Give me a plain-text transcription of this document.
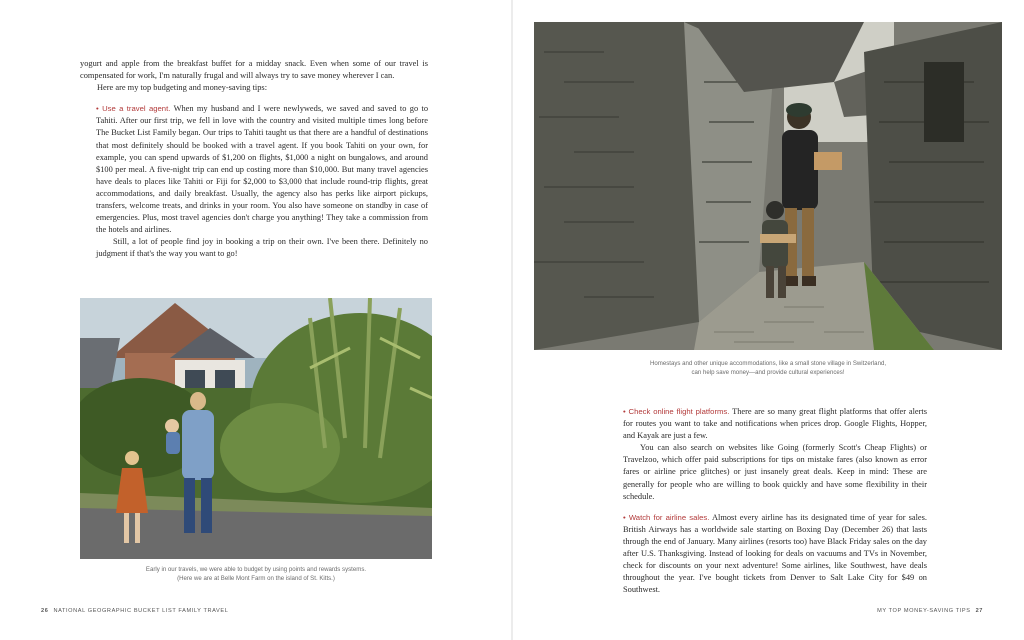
yogurt and apple from the breakfast buffet for a midday snack. Even when some of our travel is compensated for work, I'm naturally frugal and will always try to save money wherever I can.

Here are my top budgeting and money-saving tips:

• Use a travel agent. When my husband and I were newlyweds, we saved and saved to go to Tahiti. After our first trip, we fell in love with the country and visited multiple times long before The Bucket List Family began. Our trips to Tahiti taught us that there are a handful of destinations that most definitely should be booked with a travel agent. If you book Tahiti on your own, for example, you can spend upwards of $1,200 on flights, $1,000 a night on bungalows, and around $100 per meal. A five-night trip can end up costing more than $10,000. But many travel agencies have deals to places like Tahiti or Fiji for $2,000 to $3,000 that include round-trip flights, great accommodations, and daily breakfast. Usually, the agency also has perks like airport pickups, transfers, welcome treats, and drinks in your room. You also have someone on standby in case of emergencies. Plus, most travel agencies don't charge you anything! They take a commission from the hotels and airlines.

Still, a lot of people find joy in booking a trip on their own. I've been there. Definitely no judgment if that's the way you want to go!

Early in our travels, we were able to budget by using points and rewards systems.
(Here we are at Belle Mont Farm on the island of St. Kitts.)
26 NATIONAL GEOGRAPHIC BUCKET LIST FAMILY TRAVEL
Homestays and other unique accommodations, like a small stone village in Switzerland,
can help save money—and provide cultural experiences!

• Check online flight platforms. There are so many great flight platforms that offer alerts for routes you want to take and notifications when prices drop. Google Flights, Hopper, and Kayak are just a few.

You can also search on websites like Going (formerly Scott's Cheap Flights) or Travelzoo, which offer paid subscriptions for tips on mistake fares (also known as error fares or airline price glitches) or just insanely great deals. Keep in mind: These are generally for people who are willing to book quickly and have some flexibility in their schedule.

• Watch for airline sales. Almost every airline has its designated time of year for sales. British Airways has a worldwide sale starting on Boxing Day (December 26) that lasts through the end of January. Many airlines (resorts too) have Black Friday sales on the day after U.S. Thanksgiving. Instead of looking for deals on vacuums and TVs in November, check for discounts on your next adventure! Some airlines, like Southwest, have deals throughout the year. I've bought tickets from Denver to Salt Lake City for $49 on Southwest.

MY TOP MONEY-SAVING TIPS 27
